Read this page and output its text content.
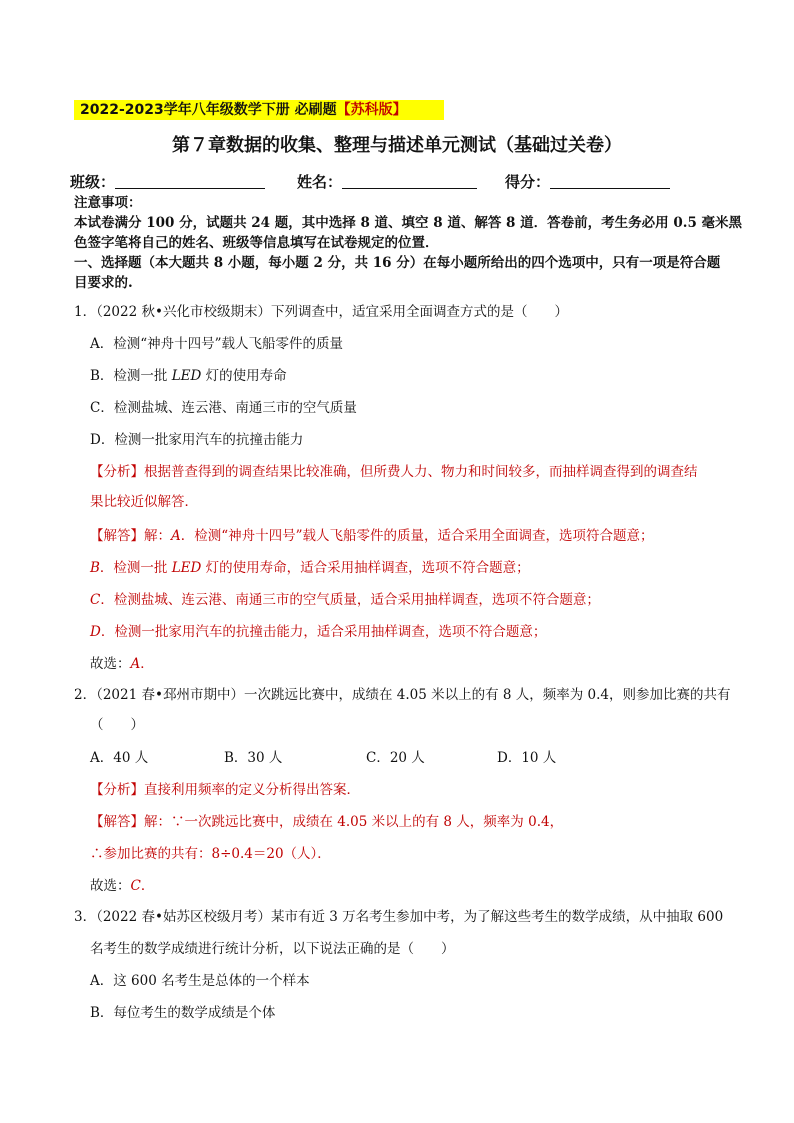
2022-2023学年八年级数学下册 必刷题【苏科版】
第７章数据的收集、整理与描述单元测试（基础过关卷）
班级：	姓名：	得分：
注意事项：
本试卷满分 100 分，试题共 24 题，其中选择 8 道、填空 8 道、解答 8 道．答卷前，考生务必用 0.5 毫米黑
色签字笔将自己的姓名、班级等信息填写在试卷规定的位置．
一、选择题（本大题共 8 小题，每小题 2 分，共 16 分）在每小题所给出的四个选项中，只有一项是符合题
目要求的.
1．（2022 秋•兴化市校级期末）下列调查中，适宜采用全面调查方式的是（　　）
A．检测“神舟十四号”载人飞船零件的质量
B．检测一批 LED 灯的使用寿命
C．检测盐城、连云港、南通三市的空气质量
D．检测一批家用汽车的抗撞击能力
【分析】根据普查得到的调查结果比较准确，但所费人力、物力和时间较多，而抽样调查得到的调查结
果比较近似解答．
【解答】解：A．检测“神舟十四号”载人飞船零件的质量，适合采用全面调查，选项符合题意；
B．检测一批 LED 灯的使用寿命，适合采用抽样调查，选项不符合题意；
C．检测盐城、连云港、南通三市的空气质量，适合采用抽样调查，选项不符合题意；
D．检测一批家用汽车的抗撞击能力，适合采用抽样调查，选项不符合题意；
故选：A．
2．（2021 春•邳州市期中）一次跳远比赛中，成绩在 4.05 米以上的有 8 人，频率为 0.4，则参加比赛的共有
（　　）
A．40 人	B．30 人	C．20 人	D．10 人
【分析】直接利用频率的定义分析得出答案．
【解答】解：∵一次跳远比赛中，成绩在 4.05 米以上的有 8 人，频率为 0.4，
∴参加比赛的共有：8÷0.4＝20（人）．
故选：C．
3．（2022 春•姑苏区校级月考）某市有近 3 万名考生参加中考，为了解这些考生的数学成绩，从中抽取 600
名考生的数学成绩进行统计分析，以下说法正确的是（　　）
A．这 600 名考生是总体的一个样本
B．每位考生的数学成绩是个体
